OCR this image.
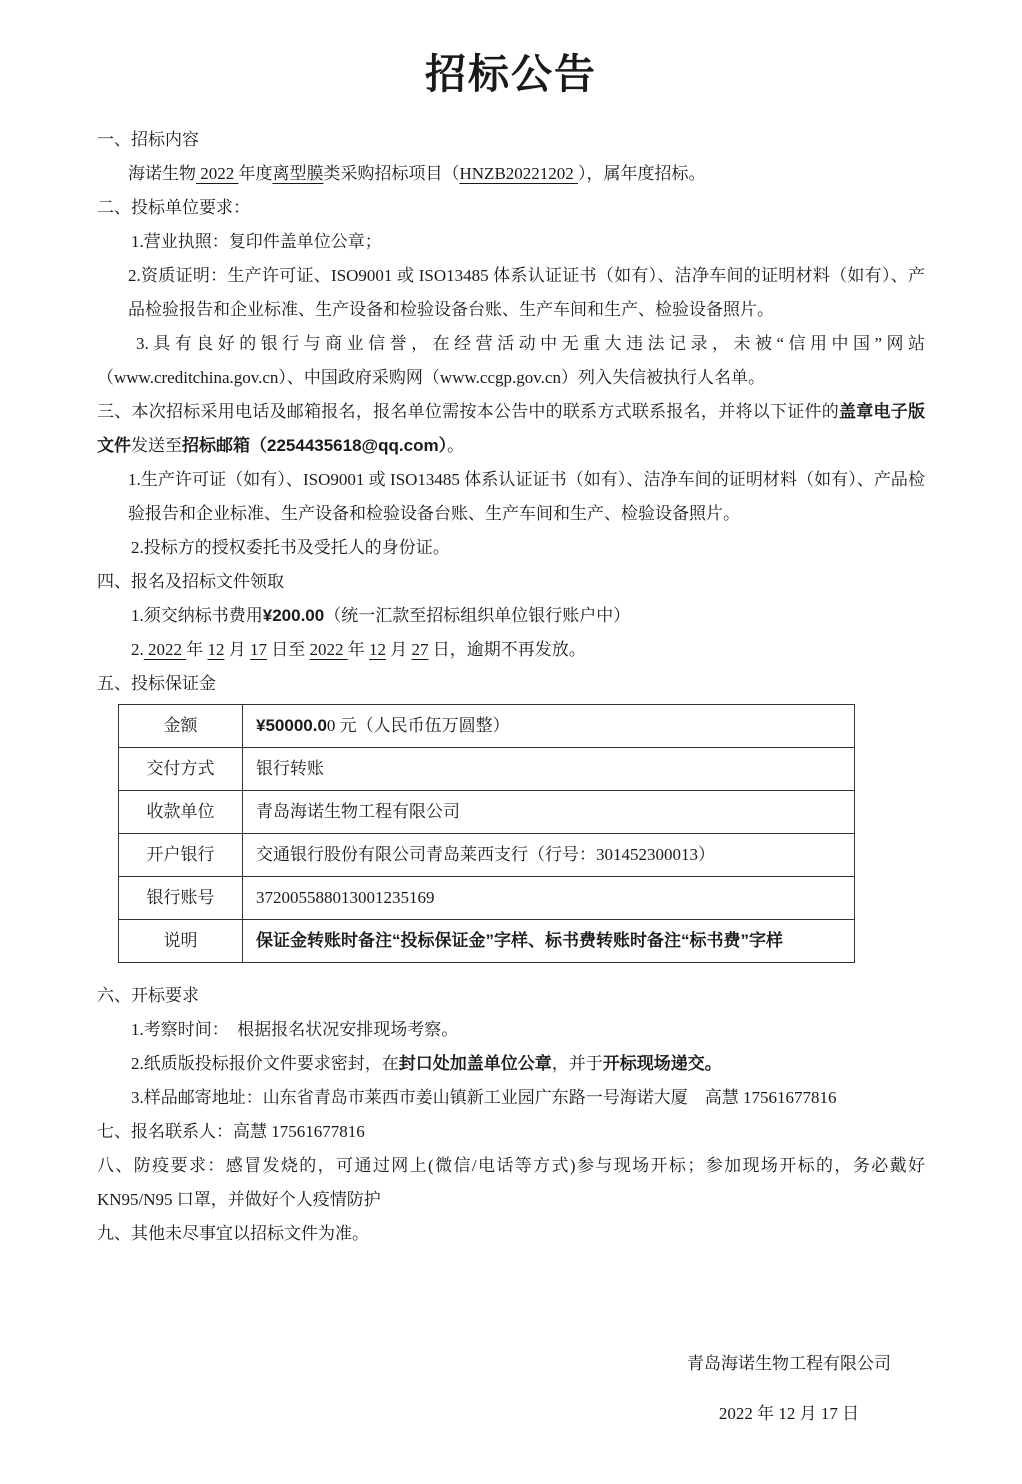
招标公告

一、招标内容

海诺生物 2022 年度离型膜类采购招标项目（HNZB20221202 ），属年度招标。

二、投标单位要求：

1.营业执照：复印件盖单位公章；

2.资质证明：生产许可证、ISO9001 或 ISO13485 体系认证证书（如有）、洁净车间的证明材料（如有）、产品检验报告和企业标准、生产设备和检验设备台账、生产车间和生产、检验设备照片。

3.具有良好的银行与商业信誉，在经营活动中无重大违法记录，未被“信用中国”网站（www.creditchina.gov.cn）、中国政府采购网（www.ccgp.gov.cn）列入失信被执行人名单。

三、本次招标采用电话及邮箱报名，报名单位需按本公告中的联系方式联系报名，并将以下证件的盖章电子版文件发送至招标邮箱（2254435618@qq.com）。

1.生产许可证（如有）、ISO9001 或 ISO13485 体系认证证书（如有）、洁净车间的证明材料（如有）、产品检验报告和企业标准、生产设备和检验设备台账、生产车间和生产、检验设备照片。

2.投标方的授权委托书及受托人的身份证。

四、报名及招标文件领取

1.须交纳标书费用¥200.00（统一汇款至招标组织单位银行账户中）

2. 2022 年 12 月 17 日至 2022 年 12 月 27 日，逾期不再发放。

五、投标保证金

金额	¥50000.00 元（人民币伍万圆整）
交付方式	银行转账
收款单位	青岛海诺生物工程有限公司
开户银行	交通银行股份有限公司青岛莱西支行（行号：301452300013）
银行账号	372005588013001235169
说明	保证金转账时备注“投标保证金”字样、标书费转账时备注“标书费”字样

六、开标要求

1.考察时间：　根据报名状况安排现场考察。

2.纸质版投标报价文件要求密封，在封口处加盖单位公章，并于开标现场递交。

3.样品邮寄地址：山东省青岛市莱西市姜山镇新工业园广东路一号海诺大厦　高慧 17561677816

七、报名联系人：高慧 17561677816

八、防疫要求：感冒发烧的，可通过网上(微信/电话等方式)参与现场开标；参加现场开标的，务必戴好 KN95/N95 口罩，并做好个人疫情防护

九、其他未尽事宜以招标文件为准。

青岛海诺生物工程有限公司

2022 年 12 月 17 日
